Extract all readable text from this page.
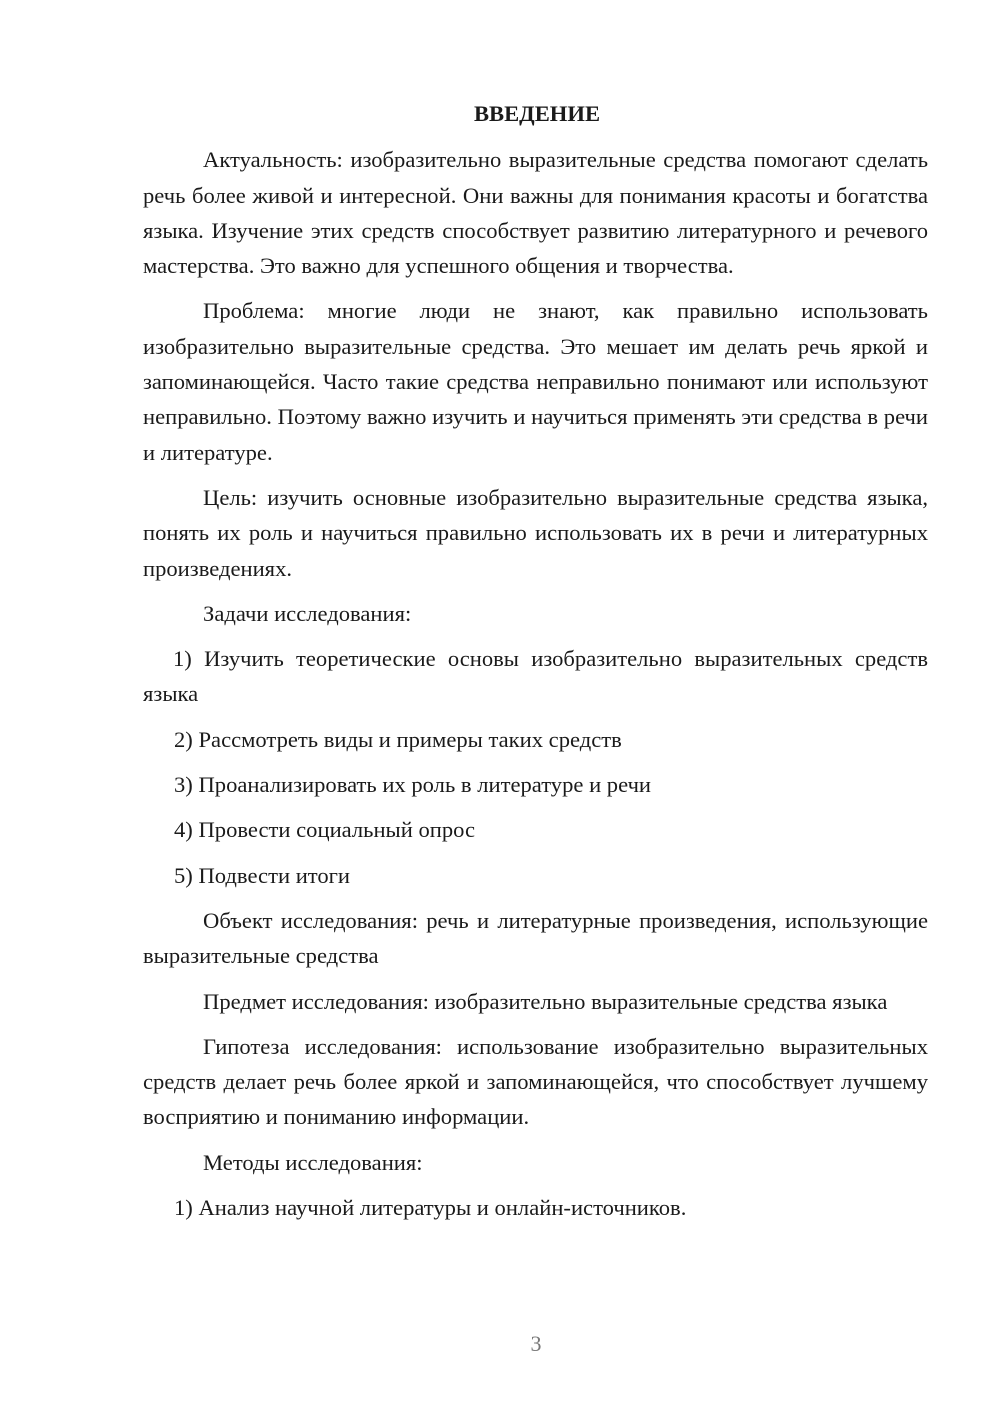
ВВЕДЕНИЕ
Актуальность: изобразительно выразительные средства помогают сделать речь более живой и интересной. Они важны для понимания красоты и богатства языка. Изучение этих средств способствует развитию литературного и речевого мастерства. Это важно для успешного общения и творчества.
Проблема: многие люди не знают, как правильно использовать изобразительно выразительные средства. Это мешает им делать речь яркой и запоминающейся. Часто такие средства неправильно понимают или используют неправильно. Поэтому важно изучить и научиться применять эти средства в речи и литературе.
Цель: изучить основные изобразительно выразительные средства языка, понять их роль и научиться правильно использовать их в речи и литературных произведениях.
Задачи исследования:
1) Изучить теоретические основы изобразительно выразительных средств языка
2) Рассмотреть виды и примеры таких средств
3) Проанализировать их роль в литературе и речи
4) Провести социальный опрос
5) Подвести итоги
Объект исследования: речь и литературные произведения, использующие выразительные средства
Предмет исследования: изобразительно выразительные средства языка
Гипотеза исследования: использование изобразительно выразительных средств делает речь более яркой и запоминающейся, что способствует лучшему восприятию и пониманию информации.
Методы исследования:
1) Анализ научной литературы и онлайн-источников.
3
